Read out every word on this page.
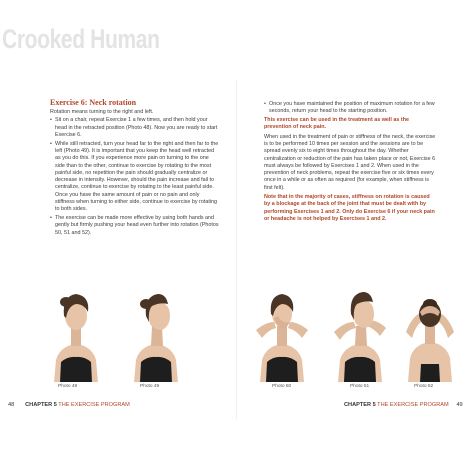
Crooked Human
Exercise 6: Neck rotation
Rotation means turning to the right and left.
• Sit on a chair, repeat Exercise 1 a few times, and then hold your head in the retracted position (Photo 48). Now you are ready to start Exercise 6.
• While still retracted, turn your head far to the right and then far to the left (Photo 49). It is important that you keep the head well retracted as you do this. If you experience more pain on turning to the one side than to the other, continue to exercise by rotating to the most painful side, no repetition the pain should gradually centralize or decrease in intensity. However, should the pain increase and fail to centralize, continue to exercise by rotating to the least painful side. Once you have the same amount of pain or no pain and only stiffness when turning to either side, continue to exercise by rotating to both sides.
• The exercise can be made more effective by using both hands and gently but firmly pushing your head even further into rotation (Photos 50, 51 and 52).
Photo 48	Photo 49
48 CHAPTER 5 THE EXERCISE PROGRAM
• Once you have maintained the position of maximum rotation for a few seconds, return your head to the starting position.
This exercise can be used in the treatment as well as the prevention of neck pain.
When used in the treatment of pain or stiffness of the neck, the exercise is to be performed 10 times per session and the sessions are to be spread evenly six to eight times throughout the day. Whether centralization or reduction of the pain has taken place or not, Exercise 6 must always be followed by Exercises 1 and 2. When used in the prevention of neck problems, repeat the exercise five or six times every once in a while or as often as required (for example, when stiffness is first felt).
Note that in the majority of cases, stiffness on rotation is caused by a blockage at the back of the joint that must be dealt with by performing Exercises 1 and 2. Only do Exercise 6 if your neck pain or headache is not helped by Exercises 1 and 2.
Photo 50	Photo 51	Photo 52
CHAPTER 5 THE EXERCISE PROGRAM 49
